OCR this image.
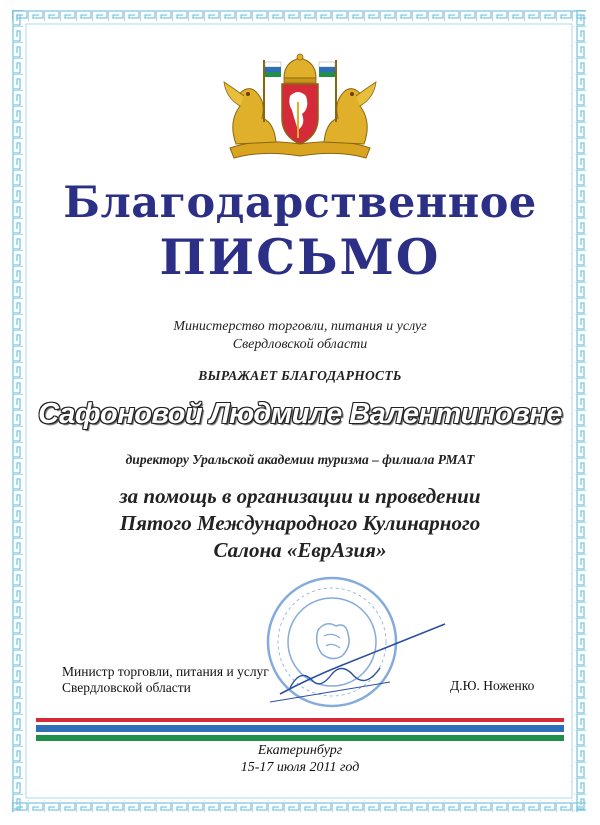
Благодарственное
ПИСЬМО
Министерство торговли, питания и услуг
Свердловской области
ВЫРАЖАЕТ БЛАГОДАРНОСТЬ
Сафоновой Людмиле Валентиновне
директору Уральской академии туризма – филиала РМАТ
за помощь в организации и проведении
Пятого Международного Кулинарного
Салона «ЕврАзия»
Министр торговли, питания и услуг
Свердловской области	Д.Ю. Ноженко
Екатеринбург
15-17 июля 2011 год
